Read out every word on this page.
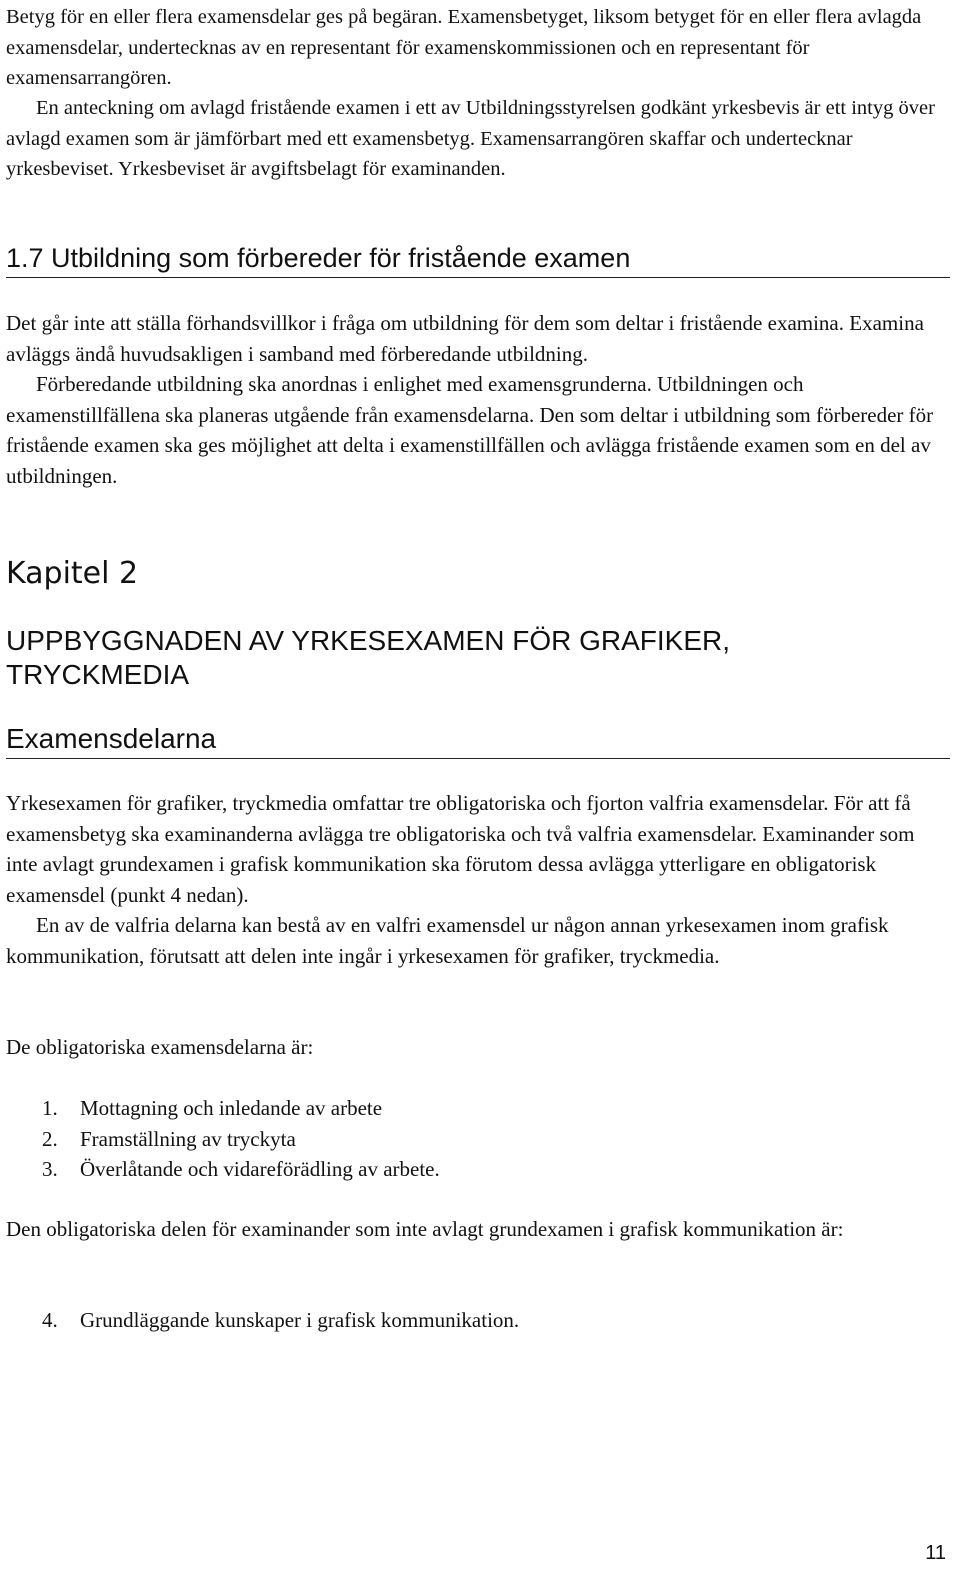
Betyg för en eller flera examensdelar ges på begäran. Examensbetyget, liksom betyget för en eller flera avlagda examensdelar, undertecknas av en representant för examenskommissionen och en representant för examensarrangören.

En anteckning om avlagd fristående examen i ett av Utbildningsstyrelsen godkänt yrkesbevis är ett intyg över avlagd examen som är jämförbart med ett examensbetyg. Examensarrangören skaffar och undertecknar yrkesbeviset. Yrkesbeviset är avgiftsbelagt för examinanden.

1.7 Utbildning som förbereder för fristående examen

Det går inte att ställa förhandsvillkor i fråga om utbildning för dem som deltar i fristående examina. Examina avläggs ändå huvudsakligen i samband med förberedande utbildning.

Förberedande utbildning ska anordnas i enlighet med examensgrunderna. Utbildningen och examenstillfällena ska planeras utgående från examensdelarna. Den som deltar i utbildning som förbereder för fristående examen ska ges möjlighet att delta i examenstillfällen och avlägga fristående examen som en del av utbildningen.

Kapitel 2
UPPBYGGNADEN AV YRKESEXAMEN FÖR GRAFIKER, TRYCKMEDIA
Examensdelarna

Yrkesexamen för grafiker, tryckmedia omfattar tre obligatoriska och fjorton valfria examensdelar. För att få examensbetyg ska examinanderna avlägga tre obligatoriska och två valfria examensdelar. Examinander som inte avlagt grundexamen i grafisk kommunikation ska förutom dessa avlägga ytterligare en obligatorisk examensdel (punkt 4 nedan).

En av de valfria delarna kan bestå av en valfri examensdel ur någon annan yrkesexamen inom grafisk kommunikation, förutsatt att delen inte ingår i yrkesexamen för grafiker, tryckmedia.

De obligatoriska examensdelarna är:

1. Mottagning och inledande av arbete
2. Framställning av tryckyta
3. Överlåtande och vidareförädling av arbete.

Den obligatoriska delen för examinander som inte avlagt grundexamen i grafisk kommunikation är:

4. Grundläggande kunskaper i grafisk kommunikation.
11
